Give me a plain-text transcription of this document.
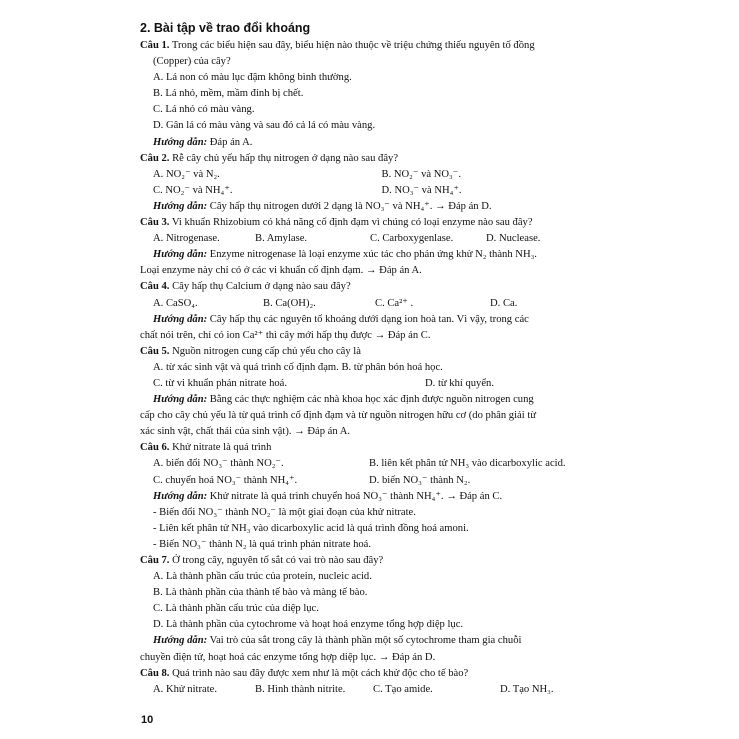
2. Bài tập về trao đổi khoáng
Câu 1. Trong các biểu hiện sau đây, biểu hiện nào thuộc về triệu chứng thiếu nguyên tố đồng
(Copper) của cây?
A. Lá non có màu lục đậm không bình thường.
B. Lá nhỏ, mềm, mầm đỉnh bị chết.
C. Lá nhỏ có màu vàng.
D. Gân lá có màu vàng và sau đó cả lá có màu vàng.
Hướng dẫn: Đáp án A.
Câu 2. Rễ cây chủ yếu hấp thụ nitrogen ở dạng nào sau đây?
A. NO₂⁻ và N₂.	B. NO₂⁻ và NO₃⁻.
C. NO₂⁻ và NH₄⁺.	D. NO₃⁻ và NH₄⁺.
Hướng dẫn: Cây hấp thụ nitrogen dưới 2 dạng là NO₃⁻ và NH₄⁺. → Đáp án D.
Câu 3. Vi khuẩn Rhizobium có khả năng cố định đạm vì chúng có loại enzyme nào sau đây?
A. Nitrogenase.	B. Amylase.	C. Carboxygenlase.	D. Nuclease.
Hướng dẫn: Enzyme nitrogenase là loại enzyme xúc tác cho phản ứng khử N₂ thành NH₃.
Loại enzyme này chỉ có ở các vi khuẩn cố định đạm. → Đáp án A.
Câu 4. Cây hấp thụ Calcium ở dạng nào sau đây?
A. CaSO₄.	B. Ca(OH)₂.	C. Ca²⁺ .	D. Ca.
Hướng dẫn: Cây hấp thụ các nguyên tố khoáng dưới dạng ion hoà tan. Vì vậy, trong các
chất nói trên, chỉ có ion Ca²⁺ thì cây mới hấp thụ được → Đáp án C.
Câu 5. Nguồn nitrogen cung cấp chủ yếu cho cây là
A. từ xác sinh vật và quá trình cố định đạm. B. từ phân bón hoá học.
C. từ vi khuẩn phản nitrate hoá.	D. từ khí quyển.
Hướng dẫn: Bằng các thực nghiệm các nhà khoa học xác định được nguồn nitrogen cung
cấp cho cây chủ yếu là từ quá trình cố định đạm và từ nguồn nitrogen hữu cơ (do phân giải từ
xác sinh vật, chất thải của sinh vật). → Đáp án A.
Câu 6. Khử nitrate là quá trình
A. biến đổi NO₃⁻ thành NO₂⁻.	B. liên kết phân tử NH₃ vào dicarboxylic acid.
C. chuyển hoá NO₃⁻ thành NH₄⁺.	D. biến NO₃⁻ thành N₂.
Hướng dẫn: Khử nitrate là quá trình chuyển hoá NO₃⁻ thành NH₄⁺. → Đáp án C.
- Biến đổi NO₃⁻ thành NO₂⁻ là một giai đoạn của khử nitrate.
- Liên kết phân tử NH₃ vào dicarboxylic acid là quá trình đồng hoá amoni.
- Biến NO₃⁻ thành N₂ là quá trình phản nitrate hoá.
Câu 7. Ở trong cây, nguyên tố sắt có vai trò nào sau đây?
A. Là thành phần cấu trúc của protein, nucleic acid.
B. Là thành phần của thành tế bào và màng tế bào.
C. Là thành phần cấu trúc của diệp lục.
D. Là thành phần của cytochrome và hoạt hoá enzyme tổng hợp diệp lục.
Hướng dẫn: Vai trò của sắt trong cây là thành phần một số cytochrome tham gia chuỗi
chuyền điện tử, hoạt hoá các enzyme tổng hợp diệp lục. → Đáp án D.
Câu 8. Quá trình nào sau đây được xem như là một cách khử độc cho tế bào?
A. Khử nitrate.	B. Hình thành nitrite.	C. Tạo amide.	D. Tạo NH₃.
10
